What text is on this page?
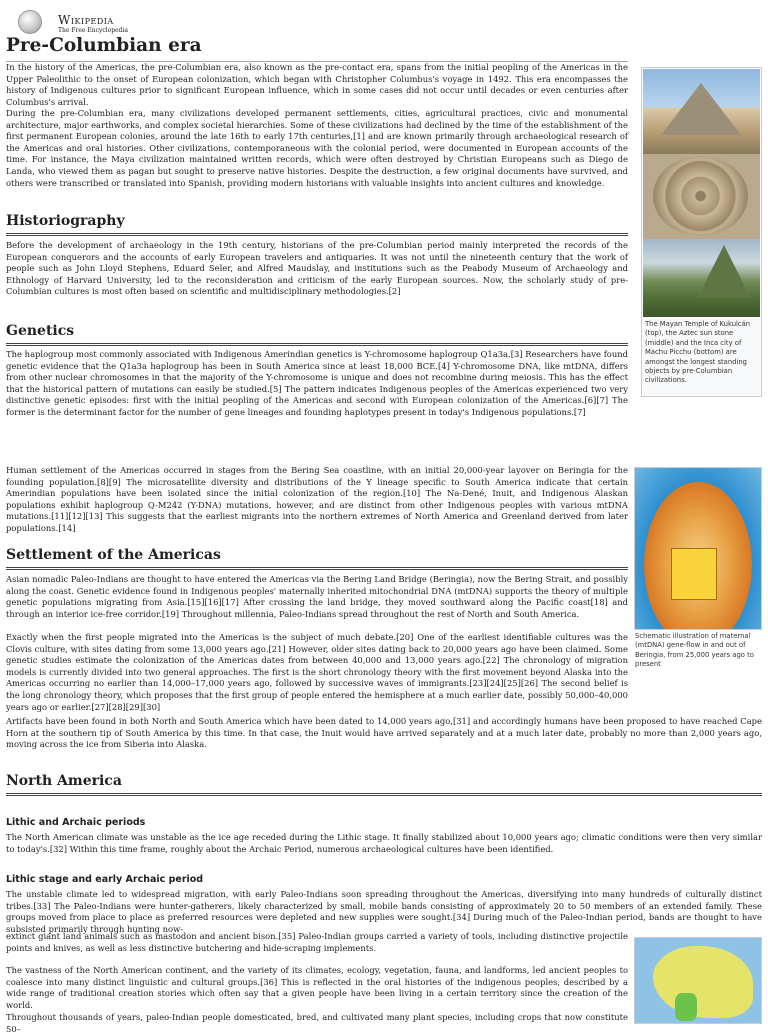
Wikipedia
The Free Encyclopedia
Pre-Columbian era
In the history of the Americas, the pre-Columbian era, also known as the pre-contact era, spans from the initial peopling of the Americas in the Upper Paleolithic to the onset of European colonization, which began with Christopher Columbus's voyage in 1492. This era encompasses the history of Indigenous cultures prior to significant European influence, which in some cases did not occur until decades or even centuries after Columbus's arrival.
During the pre-Columbian era, many civilizations developed permanent settlements, cities, agricultural practices, civic and monumental architecture, major earthworks, and complex societal hierarchies. Some of these civilizations had declined by the time of the establishment of the first permanent European colonies, around the late 16th to early 17th centuries,[1] and are known primarily through archaeological research of the Americas and oral histories. Other civilizations, contemporaneous with the colonial period, were documented in European accounts of the time. For instance, the Maya civilization maintained written records, which were often destroyed by Christian Europeans such as Diego de Landa, who viewed them as pagan but sought to preserve native histories. Despite the destruction, a few original documents have survived, and others were transcribed or translated into Spanish, providing modern historians with valuable insights into ancient cultures and knowledge.
The Mayan Temple of Kukulcán (top), the Aztec sun stone (middle) and the Inca city of Machu Picchu (bottom) are amongst the longest standing objects by pre-Columbian civilizations.
Historiography
Before the development of archaeology in the 19th century, historians of the pre-Columbian period mainly interpreted the records of the European conquerors and the accounts of early European travelers and antiquaries. It was not until the nineteenth century that the work of people such as John Lloyd Stephens, Eduard Seler, and Alfred Maudslay, and institutions such as the Peabody Museum of Archaeology and Ethnology of Harvard University, led to the reconsideration and criticism of the early European sources. Now, the scholarly study of pre-Columbian cultures is most often based on scientific and multidisciplinary methodologies.[2]
Genetics
The haplogroup most commonly associated with Indigenous Amerindian genetics is Y-chromosome haplogroup Q1a3a.[3] Researchers have found genetic evidence that the Q1a3a haplogroup has been in South America since at least 18,000 BCE.[4] Y-chromosome DNA, like mtDNA, differs from other nuclear chromosomes in that the majority of the Y-chromosome is unique and does not recombine during meiosis. This has the effect that the historical pattern of mutations can easily be studied.[5] The pattern indicates Indigenous peoples of the Americas experienced two very distinctive genetic episodes: first with the initial peopling of the Americas and second with European colonization of the Americas.[6][7] The former is the determinant factor for the number of gene lineages and founding haplotypes present in today's Indigenous populations.[7]
Human settlement of the Americas occurred in stages from the Bering Sea coastline, with an initial 20,000-year layover on Beringia for the founding population.[8][9] The microsatellite diversity and distributions of the Y lineage specific to South America indicate that certain Amerindian populations have been isolated since the initial colonization of the region.[10] The Na-Dené, Inuit, and Indigenous Alaskan populations exhibit haplogroup Q-M242 (Y-DNA) mutations, however, and are distinct from other Indigenous peoples with various mtDNA mutations.[11][12][13] This suggests that the earliest migrants into the northern extremes of North America and Greenland derived from later populations.[14]
Schematic illustration of maternal (mtDNA) gene-flow in and out of Beringia, from 25,000 years ago to present
Settlement of the Americas
Asian nomadic Paleo-Indians are thought to have entered the Americas via the Bering Land Bridge (Beringia), now the Bering Strait, and possibly along the coast. Genetic evidence found in Indigenous peoples' maternally inherited mitochondrial DNA (mtDNA) supports the theory of multiple genetic populations migrating from Asia.[15][16][17] After crossing the land bridge, they moved southward along the Pacific coast[18] and through an interior ice-free corridor.[19] Throughout millennia, Paleo-Indians spread throughout the rest of North and South America.
Exactly when the first people migrated into the Americas is the subject of much debate.[20] One of the earliest identifiable cultures was the Clovis culture, with sites dating from some 13,000 years ago.[21] However, older sites dating back to 20,000 years ago have been claimed. Some genetic studies estimate the colonization of the Americas dates from between 40,000 and 13,000 years ago.[22] The chronology of migration models is currently divided into two general approaches. The first is the short chronology theory with the first movement beyond Alaska into the Americas occurring no earlier than 14,000–17,000 years ago, followed by successive waves of immigrants.[23][24][25][26] The second belief is the long chronology theory, which proposes that the first group of people entered the hemisphere at a much earlier date, possibly 50,000–40,000 years ago or earlier.[27][28][29][30]
Artifacts have been found in both North and South America which have been dated to 14,000 years ago,[31] and accordingly humans have been proposed to have reached Cape Horn at the southern tip of South America by this time. In that case, the Inuit would have arrived separately and at a much later date, probably no more than 2,000 years ago, moving across the ice from Siberia into Alaska.
North America
Lithic and Archaic periods
The North American climate was unstable as the ice age receded during the Lithic stage. It finally stabilized about 10,000 years ago; climatic conditions were then very similar to today's.[32] Within this time frame, roughly about the Archaic Period, numerous archaeological cultures have been identified.
Lithic stage and early Archaic period
The unstable climate led to widespread migration, with early Paleo-Indians soon spreading throughout the Americas, diversifying into many hundreds of culturally distinct tribes.[33] The Paleo-Indians were hunter-gatherers, likely characterized by small, mobile bands consisting of approximately 20 to 50 members of an extended family. These groups moved from place to place as preferred resources were depleted and new supplies were sought.[34] During much of the Paleo-Indian period, bands are thought to have subsisted primarily through hunting now-
extinct giant land animals such as mastodon and ancient bison.[35] Paleo-Indian groups carried a variety of tools, including distinctive projectile points and knives, as well as less distinctive butchering and hide-scraping implements.
The vastness of the North American continent, and the variety of its climates, ecology, vegetation, fauna, and landforms, led ancient peoples to coalesce into many distinct linguistic and cultural groups.[36] This is reflected in the oral histories of the indigenous peoples, described by a wide range of traditional creation stories which often say that a given people have been living in a certain territory since the creation of the world.
Throughout thousands of years, paleo-Indian people domesticated, bred, and cultivated many plant species, including crops that now constitute 50–
